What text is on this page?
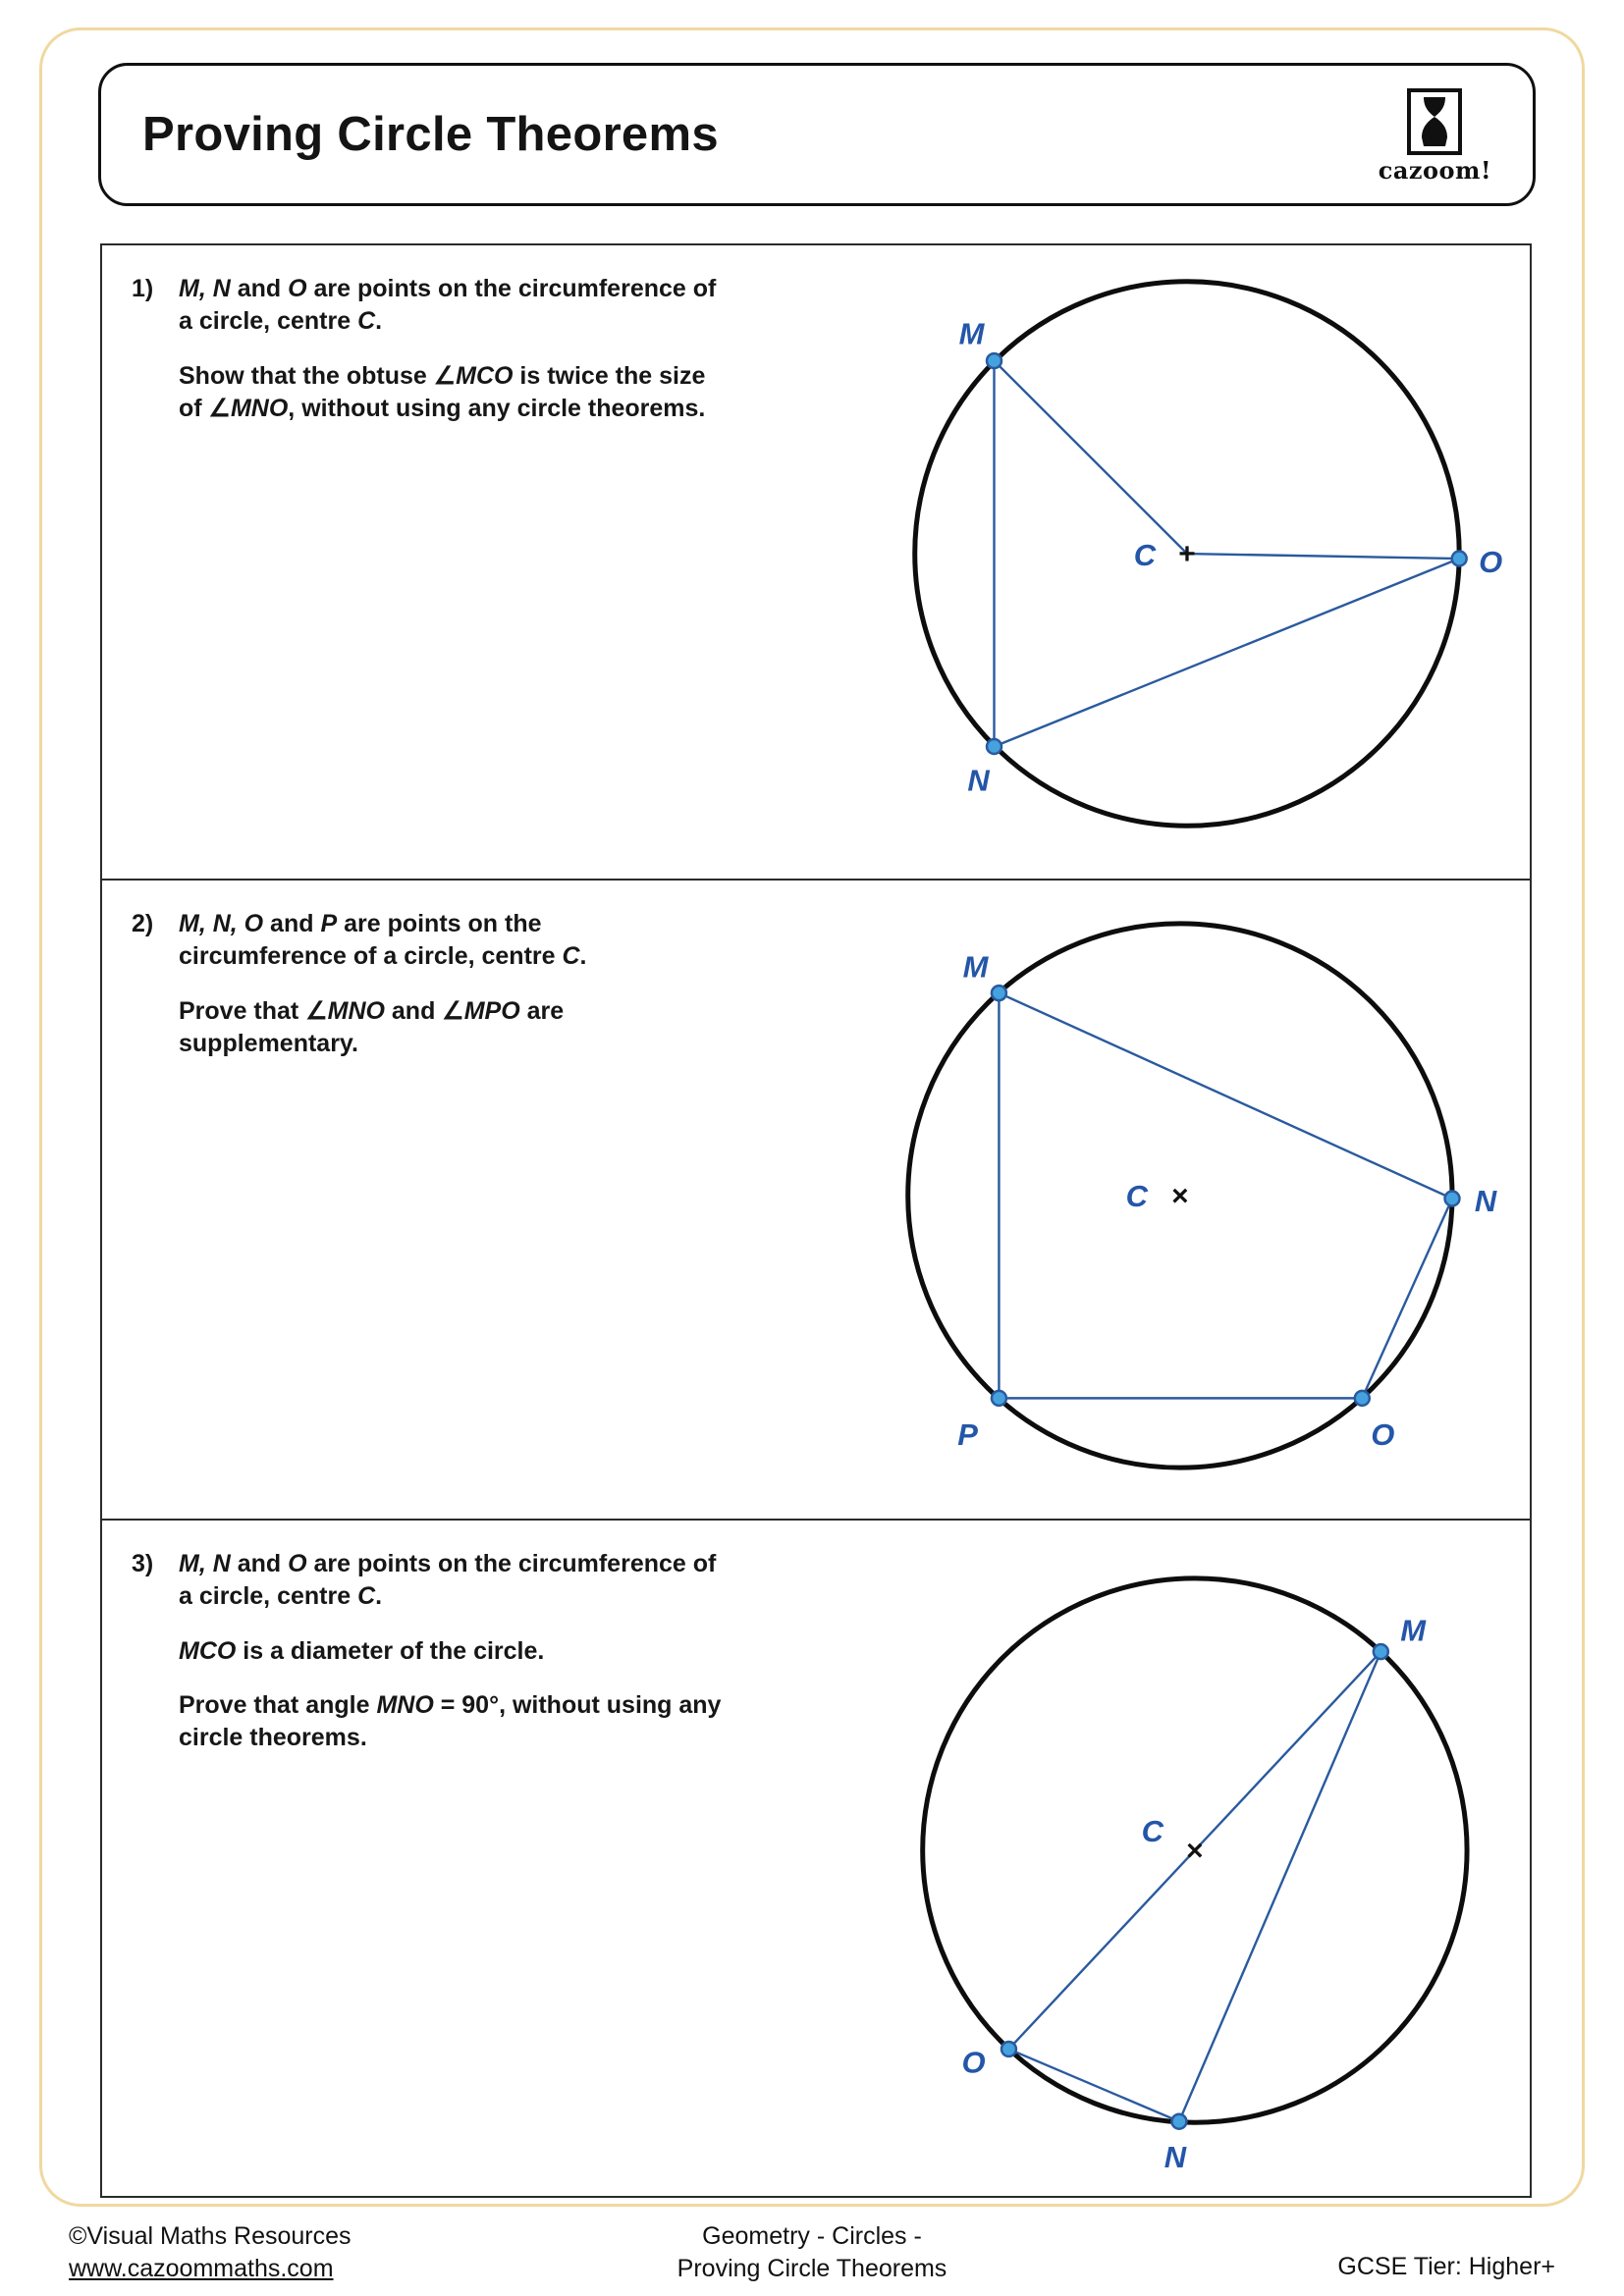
Proving Circle Theorems
cazoom!
+
C
M
N
O
1) M, N and O are points on the circumference of a circle, centre C.
Show that the obtuse ∠MCO is twice the size of ∠MNO, without using any circle theorems.
×
C
M
N
O
P
2) M, N, O and P are points on the circumference of a circle, centre C.
Prove that ∠MNO and ∠MPO are supplementary.
×
C
M
N
O
3) M, N and O are points on the circumference of a circle, centre C.
MCO is a diameter of the circle.
Prove that angle MNO = 90°, without using any circle theorems.
©Visual Maths Resources
www.cazoommaths.com
Geometry - Circles -
Proving Circle Theorems	GCSE Tier: Higher+
